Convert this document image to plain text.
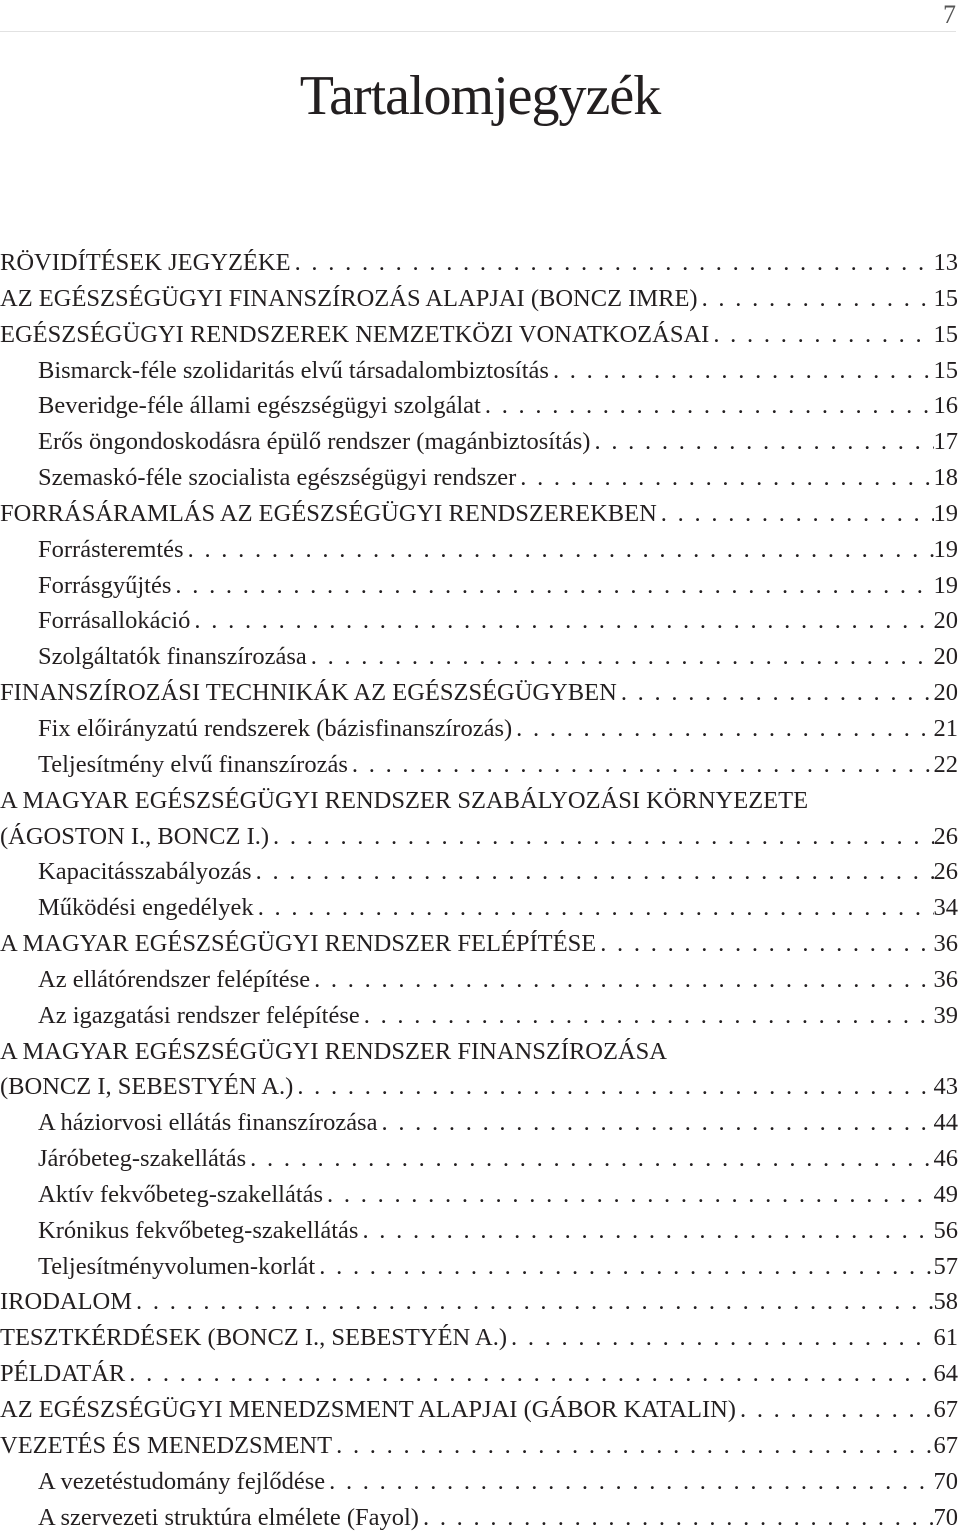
7
Tartalomjegyzék
RÖVIDÍTÉSEK JEGYZÉKE . . .	13
AZ EGÉSZSÉGÜGYI FINANSZÍROZÁS ALAPJAI (BONCZ IMRE) . . .	15
EGÉSZSÉGÜGYI RENDSZEREK NEMZETKÖZI VONATKOZÁSAI . . .	15
Bismarck-féle szolidaritás elvű társadalombiztosítás . . .	15
Beveridge-féle állami egészségügyi szolgálat . . .	16
Erős öngondoskodásra épülő rendszer (magánbiztosítás) . . .	17
Szemaskó-féle szocialista egészségügyi rendszer . . .	18
FORRÁSÁRAMLÁS AZ EGÉSZSÉGÜGYI RENDSZEREKBEN . . .	19
Forrásteremtés . . .	19
Forrásgyűjtés . . .	19
Forrásallokáció . . .	20
Szolgáltatók finanszírozása . . .	20
FINANSZÍROZÁSI TECHNIKÁK AZ EGÉSZSÉGÜGYBEN . . .	20
Fix előirányzatú rendszerek (bázisfinanszírozás) . . .	21
Teljesítmény elvű finanszírozás . . .	22
A MAGYAR EGÉSZSÉGÜGYI RENDSZER SZABÁLYOZÁSI KÖRNYEZETE
(ÁGOSTON I., BONCZ I.) . . .	26
Kapacitásszabályozás . . .	26
Működési engedélyek . . .	34
A MAGYAR EGÉSZSÉGÜGYI RENDSZER FELÉPÍTÉSE . . .	36
Az ellátórendszer felépítése . . .	36
Az igazgatási rendszer felépítése . . .	39
A MAGYAR EGÉSZSÉGÜGYI RENDSZER FINANSZÍROZÁSA
(BONCZ I, SEBESTYÉN A.) . . .	43
A háziorvosi ellátás finanszírozása . . .	44
Járóbeteg-szakellátás . . .	46
Aktív fekvőbeteg-szakellátás . . .	49
Krónikus fekvőbeteg-szakellátás . . .	56
Teljesítményvolumen-korlát . . .	57
IRODALOM . . .	58
TESZTKÉRDÉSEK (BONCZ I., SEBESTYÉN A.) . . .	61
PÉLDATÁR . . .	64
AZ EGÉSZSÉGÜGYI MENEDZSMENT ALAPJAI (GÁBOR KATALIN) . . .	67
VEZETÉS ÉS MENEDZSMENT . . .	67
A vezetéstudomány fejlődése . . .	70
A szervezeti struktúra elmélete (Fayol) . . .	70
